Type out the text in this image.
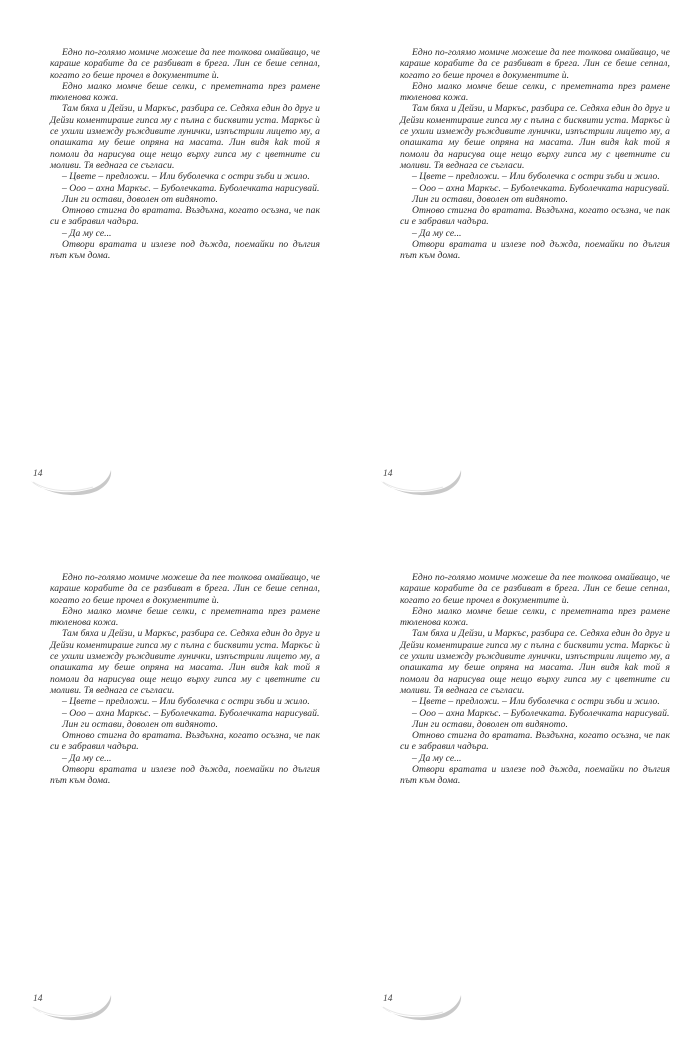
Едно по-голямо момиче можеше да пее толкова омайващо, че караше корабите да се разбиват в брега. Лин се беше сепнал, когато го беше прочел в документите ѝ.

Едно малко момче беше селки, с преметната през рамене тюленова кожа.

Там бяха и Дейзи, и Маркъс, разбира се. Седяха един до друг и Дейзи коментираше гипса му с пълна с бисквити уста. Маркъс ѝ се ухили измежду ръждивите лунички, изпъстрили лицето му, а опашката му беше опряна на масата. Лин видя kak той я помоли да нарисува още нещо върху гипса му с цветните си моливи. Тя веднага се съгласи.

– Цвете – предложи. – Или буболечка с остри зъби и жило.

– Ооо – ахна Маркъс. – Буболечката. Буболечката нарисувай.

Лин ги остави, доволен от видяното.

Отново стигна до вратата. Въздъхна, когато осъзна, че пак си е забравил чадъра.

– Да му се...

Отвори вратата и излезе под дъжда, поемайки по дългия път към дома.

14

Едно по-голямо момиче можеше да пее толкова омайващо, че караше корабите да се разбиват в брега. Лин се беше сепнал, когато го беше прочел в документите ѝ.

Едно малко момче беше селки, с преметната през рамене тюленова кожа.

Там бяха и Дейзи, и Маркъс, разбира се. Седяха един до друг и Дейзи коментираше гипса му с пълна с бисквити уста. Маркъс ѝ се ухили измежду ръждивите лунички, изпъстрили лицето му, а опашката му беше опряна на масата. Лин видя kak той я помоли да нарисува още нещо върху гипса му с цветните си моливи. Тя веднага се съгласи.

– Цвете – предложи. – Или буболечка с остри зъби и жило.

– Ооо – ахна Маркъс. – Буболечката. Буболечката нарисувай.

Лин ги остави, доволен от видяното.

Отново стигна до вратата. Въздъхна, когато осъзна, че пак си е забравил чадъра.

– Да му се...

Отвори вратата и излезе под дъжда, поемайки по дългия път към дома.

14

Едно по-голямо момиче можеше да пее толкова омайващо, че караше корабите да се разбиват в брега. Лин се беше сепнал, когато го беше прочел в документите ѝ.

Едно малко момче беше селки, с преметната през рамене тюленова кожа.

Там бяха и Дейзи, и Маркъс, разбира се. Седяха един до друг и Дейзи коментираше гипса му с пълна с бисквити уста. Маркъс ѝ се ухили измежду ръждивите лунички, изпъстрили лицето му, а опашката му беше опряна на масата. Лин видя kak той я помоли да нарисува още нещо върху гипса му с цветните си моливи. Тя веднага се съгласи.

– Цвете – предложи. – Или буболечка с остри зъби и жило.

– Ооо – ахна Маркъс. – Буболечката. Буболечката нарисувай.

Лин ги остави, доволен от видяното.

Отново стигна до вратата. Въздъхна, когато осъзна, че пак си е забравил чадъра.

– Да му се...

Отвори вратата и излезе под дъжда, поемайки по дългия път към дома.

14

Едно по-голямо момиче можеше да пее толкова омайващо, че караше корабите да се разбиват в брега. Лин се беше сепнал, когато го беше прочел в документите ѝ.

Едно малко момче беше селки, с преметната през рамене тюленова кожа.

Там бяха и Дейзи, и Маркъс, разбира се. Седяха един до друг и Дейзи коментираше гипса му с пълна с бисквити уста. Маркъс ѝ се ухили измежду ръждивите лунички, изпъстрили лицето му, а опашката му беше опряна на масата. Лин видя kak той я помоли да нарисува още нещо върху гипса му с цветните си моливи. Тя веднага се съгласи.

– Цвете – предложи. – Или буболечка с остри зъби и жило.

– Ооо – ахна Маркъс. – Буболечката. Буболечката нарисувай.

Лин ги остави, доволен от видяното.

Отново стигна до вратата. Въздъхна, когато осъзна, че пак си е забравил чадъра.

– Да му се...

Отвори вратата и излезе под дъжда, поемайки по дългия път към дома.

14
